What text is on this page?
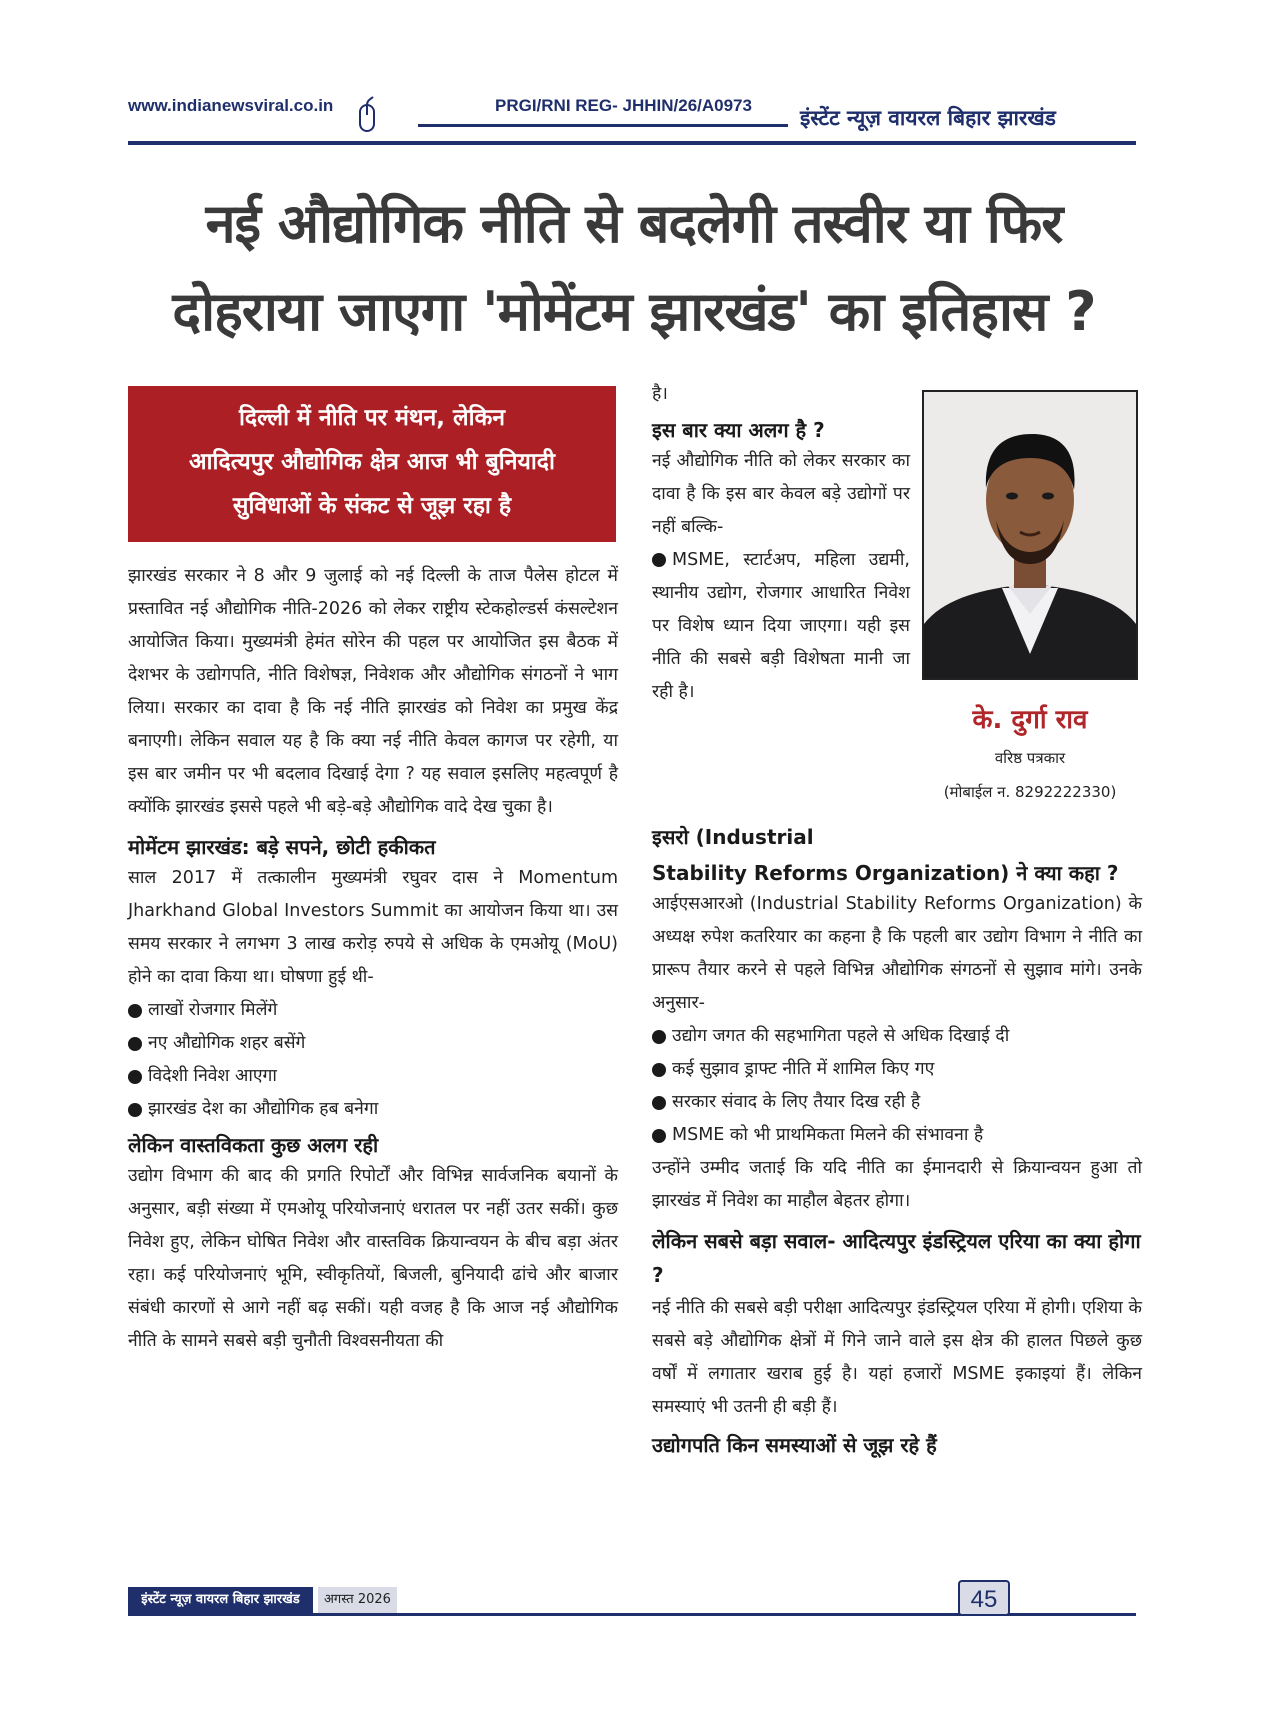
www.indianewsviral.co.in	PRGI/RNI REG- JHHIN/26/A0973
इंस्टेंट न्यूज़ वायरल बिहार झारखंड
नई औद्योगिक नीति से बदलेगी तस्वीर या फिर
दोहराया जाएगा 'मोमेंटम झारखंड' का इतिहास ?
दिल्ली में नीति पर मंथन, लेकिन
आदित्यपुर औद्योगिक क्षेत्र आज भी बुनियादी
सुविधाओं के संकट से जूझ रहा है

झारखंड सरकार ने 8 और 9 जुलाई को नई दिल्ली के ताज पैलेस होटल में प्रस्तावित नई औद्योगिक नीति-2026 को लेकर राष्ट्रीय स्टेकहोल्डर्स कंसल्टेशन आयोजित किया। मुख्यमंत्री हेमंत सोरेन की पहल पर आयोजित इस बैठक में देशभर के उद्योगपति, नीति विशेषज्ञ, निवेशक और औद्योगिक संगठनों ने भाग लिया। सरकार का दावा है कि नई नीति झारखंड को निवेश का प्रमुख केंद्र बनाएगी। लेकिन सवाल यह है कि क्या नई नीति केवल कागज पर रहेगी, या इस बार जमीन पर भी बदलाव दिखाई देगा ? यह सवाल इसलिए महत्वपूर्ण है क्योंकि झारखंड इससे पहले भी बड़े-बड़े औद्योगिक वादे देख चुका है।

मोमेंटम झारखंड: बड़े सपने, छोटी हकीकत

साल 2017 में तत्कालीन मुख्यमंत्री रघुवर दास ने Momentum Jharkhand Global Investors Summit का आयोजन किया था। उस समय सरकार ने लगभग 3 लाख करोड़ रुपये से अधिक के एमओयू (MoU) होने का दावा किया था। घोषणा हुई थी-

लाखों रोजगार मिलेंगे
नए औद्योगिक शहर बसेंगे
विदेशी निवेश आएगा
झारखंड देश का औद्योगिक हब बनेगा

लेकिन वास्तविकता कुछ अलग रही

उद्योग विभाग की बाद की प्रगति रिपोर्टों और विभिन्न सार्वजनिक बयानों के अनुसार, बड़ी संख्या में एमओयू परियोजनाएं धरातल पर नहीं उतर सकीं। कुछ निवेश हुए, लेकिन घोषित निवेश और वास्तविक क्रियान्वयन के बीच बड़ा अंतर रहा। कई परियोजनाएं भूमि, स्वीकृतियों, बिजली, बुनियादी ढांचे और बाजार संबंधी कारणों से आगे नहीं बढ़ सकीं। यही वजह है कि आज नई औद्योगिक नीति के सामने सबसे बड़ी चुनौती विश्वसनीयता की

है।

इस बार क्या अलग है ?

नई औद्योगिक नीति को लेकर सरकार का दावा है कि इस बार केवल बड़े उद्योगों पर नहीं बल्कि-

MSME, स्टार्टअप, महिला उद्यमी, स्थानीय उद्योग, रोजगार आधारित निवेश पर विशेष ध्यान दिया जाएगा। यही इस नीति की सबसे बड़ी विशेषता मानी जा रही है।
के. दुर्गा राव
वरिष्ठ पत्रकार
(मोबाईल न. 8292222330)

इसरो (Industrial

Stability Reforms Organization) ने क्या कहा ?

आईएसआरओ (Industrial Stability Reforms Organization) के अध्यक्ष रुपेश कतरियार का कहना है कि पहली बार उद्योग विभाग ने नीति का प्रारूप तैयार करने से पहले विभिन्न औद्योगिक संगठनों से सुझाव मांगे। उनके अनुसार-

उद्योग जगत की सहभागिता पहले से अधिक दिखाई दी
कई सुझाव ड्राफ्ट नीति में शामिल किए गए
सरकार संवाद के लिए तैयार दिख रही है
MSME को भी प्राथमिकता मिलने की संभावना है

उन्होंने उम्मीद जताई कि यदि नीति का ईमानदारी से क्रियान्वयन हुआ तो झारखंड में निवेश का माहौल बेहतर होगा।

लेकिन सबसे बड़ा सवाल- आदित्यपुर इंडस्ट्रियल एरिया का क्या होगा ?

नई नीति की सबसे बड़ी परीक्षा आदित्यपुर इंडस्ट्रियल एरिया में होगी। एशिया के सबसे बड़े औद्योगिक क्षेत्रों में गिने जाने वाले इस क्षेत्र की हालत पिछले कुछ वर्षों में लगातार खराब हुई है। यहां हजारों MSME इकाइयां हैं। लेकिन समस्याएं भी उतनी ही बड़ी हैं।

उद्योगपति किन समस्याओं से जूझ रहे हैं

इंस्टेंट न्यूज़ वायरल बिहार झारखंड	अगस्त 2026	45
